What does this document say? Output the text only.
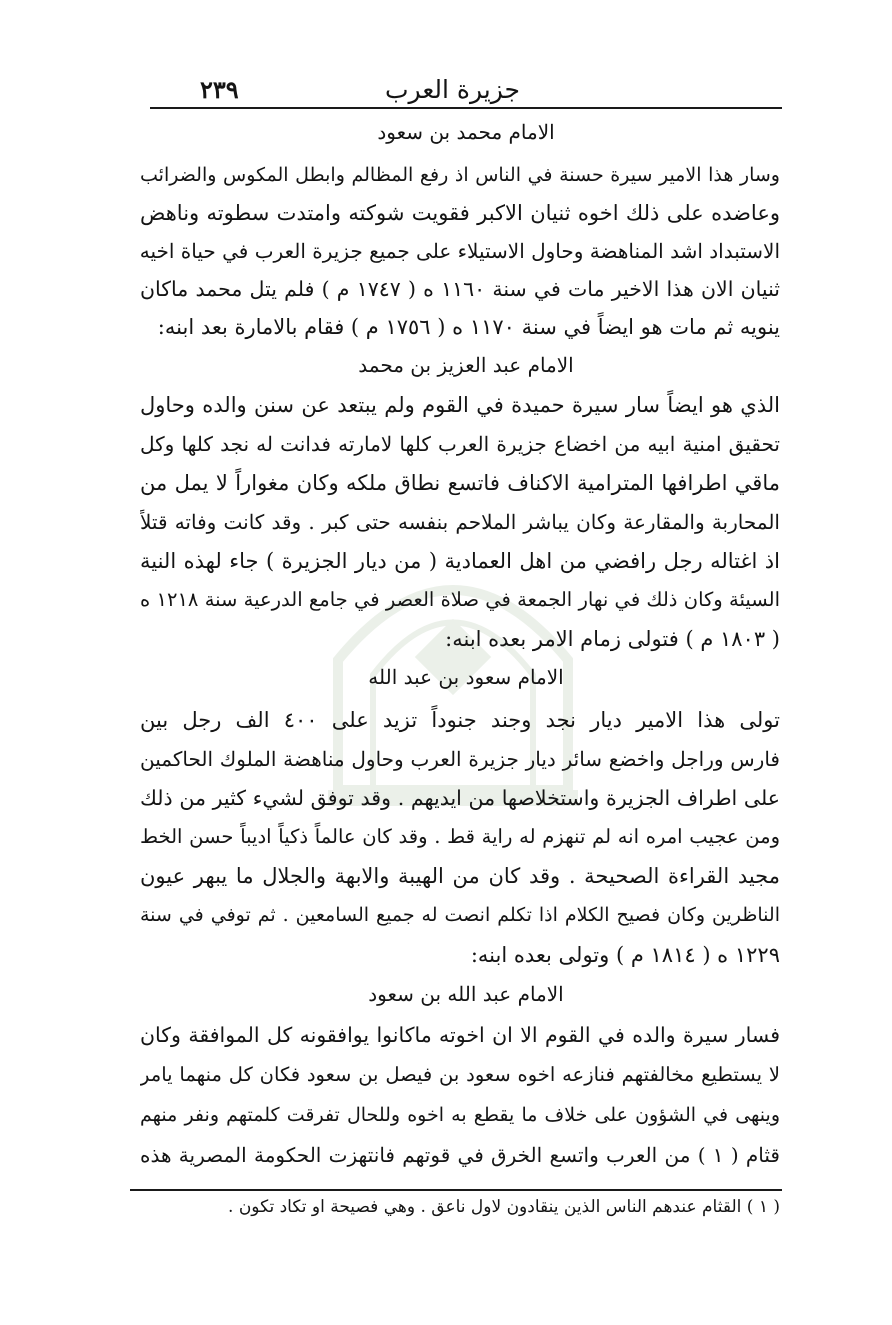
٢٣٩	جزيرة العرب
الامام محمد بن سعود
وسار هذا الامير سيرة حسنة في الناس اذ رفع المظالم وابطل المكوس والضرائب
وعاضده على ذلك اخوه ثنيان الاكبر فقويت شوكته وامتدت سطوته وناهض
الاستبداد اشد المناهضة وحاول الاستيلاء على جميع جزيرة العرب في حياة اخيه
ثنيان الان هذا الاخير مات في سنة ١١٦٠ ه ( ١٧٤٧ م ) فلم يتل محمد ماكان
ينويه ثم مات هو ايضاً في سنة ١١٧٠ ه ( ١٧٥٦ م ) فقام بالامارة بعد ابنه:
الامام عبد العزيز بن محمد
الذي هو ايضاً سار سيرة حميدة في القوم ولم يبتعد عن سنن والده وحاول
تحقيق امنية ابيه من اخضاع جزيرة العرب كلها لامارته فدانت له نجد كلها وكل
ماقي اطرافها المترامية الاكناف فاتسع نطاق ملكه وكان مغواراً لا يمل من
المحاربة والمقارعة وكان يباشر الملاحم بنفسه حتى كبر . وقد كانت وفاته قتلاً
اذ اغتاله رجل رافضي من اهل العمادية ( من ديار الجزيرة ) جاء لهذه النية
السيئة وكان ذلك في نهار الجمعة في صلاة العصر في جامع الدرعية سنة ١٢١٨ ه
( ١٨٠٣ م ) فتولى زمام الامر بعده ابنه:
الامام سعود بن عبد الله
تولى هذا الامير ديار نجد وجند جنوداً تزيد على ٤٠٠ الف رجل بين
فارس وراجل واخضع سائر ديار جزيرة العرب وحاول مناهضة الملوك الحاكمين
على اطراف الجزيرة واستخلاصها من ايديهم . وقد توفق لشيء كثير من ذلك
ومن عجيب امره انه لم تنهزم له راية قط . وقد كان عالماً ذكياً اديباً حسن الخط
مجيد القراءة الصحيحة . وقد كان من الهيبة والابهة والجلال ما يبهر عيون
الناظرين وكان فصيح الكلام اذا تكلم انصت له جميع السامعين . ثم توفي في سنة
١٢٢٩ ه ( ١٨١٤ م ) وتولى بعده ابنه:
الامام عبد الله بن سعود
فسار سيرة والده في القوم الا ان اخوته ماكانوا يوافقونه كل الموافقة وكان
لا يستطيع مخالفتهم فنازعه اخوه سعود بن فيصل بن سعود فكان كل منهما يامر
وينهى في الشؤون على خلاف ما يقطع به اخوه وللحال تفرقت كلمتهم ونفر منهم
قثام ( ١ ) من العرب واتسع الخرق في قوتهم فانتهزت الحكومة المصرية هذه
( ١ ) القثام عندهم الناس الذين ينقادون لاول ناعق . وهي فصيحة او تكاد تكون .
